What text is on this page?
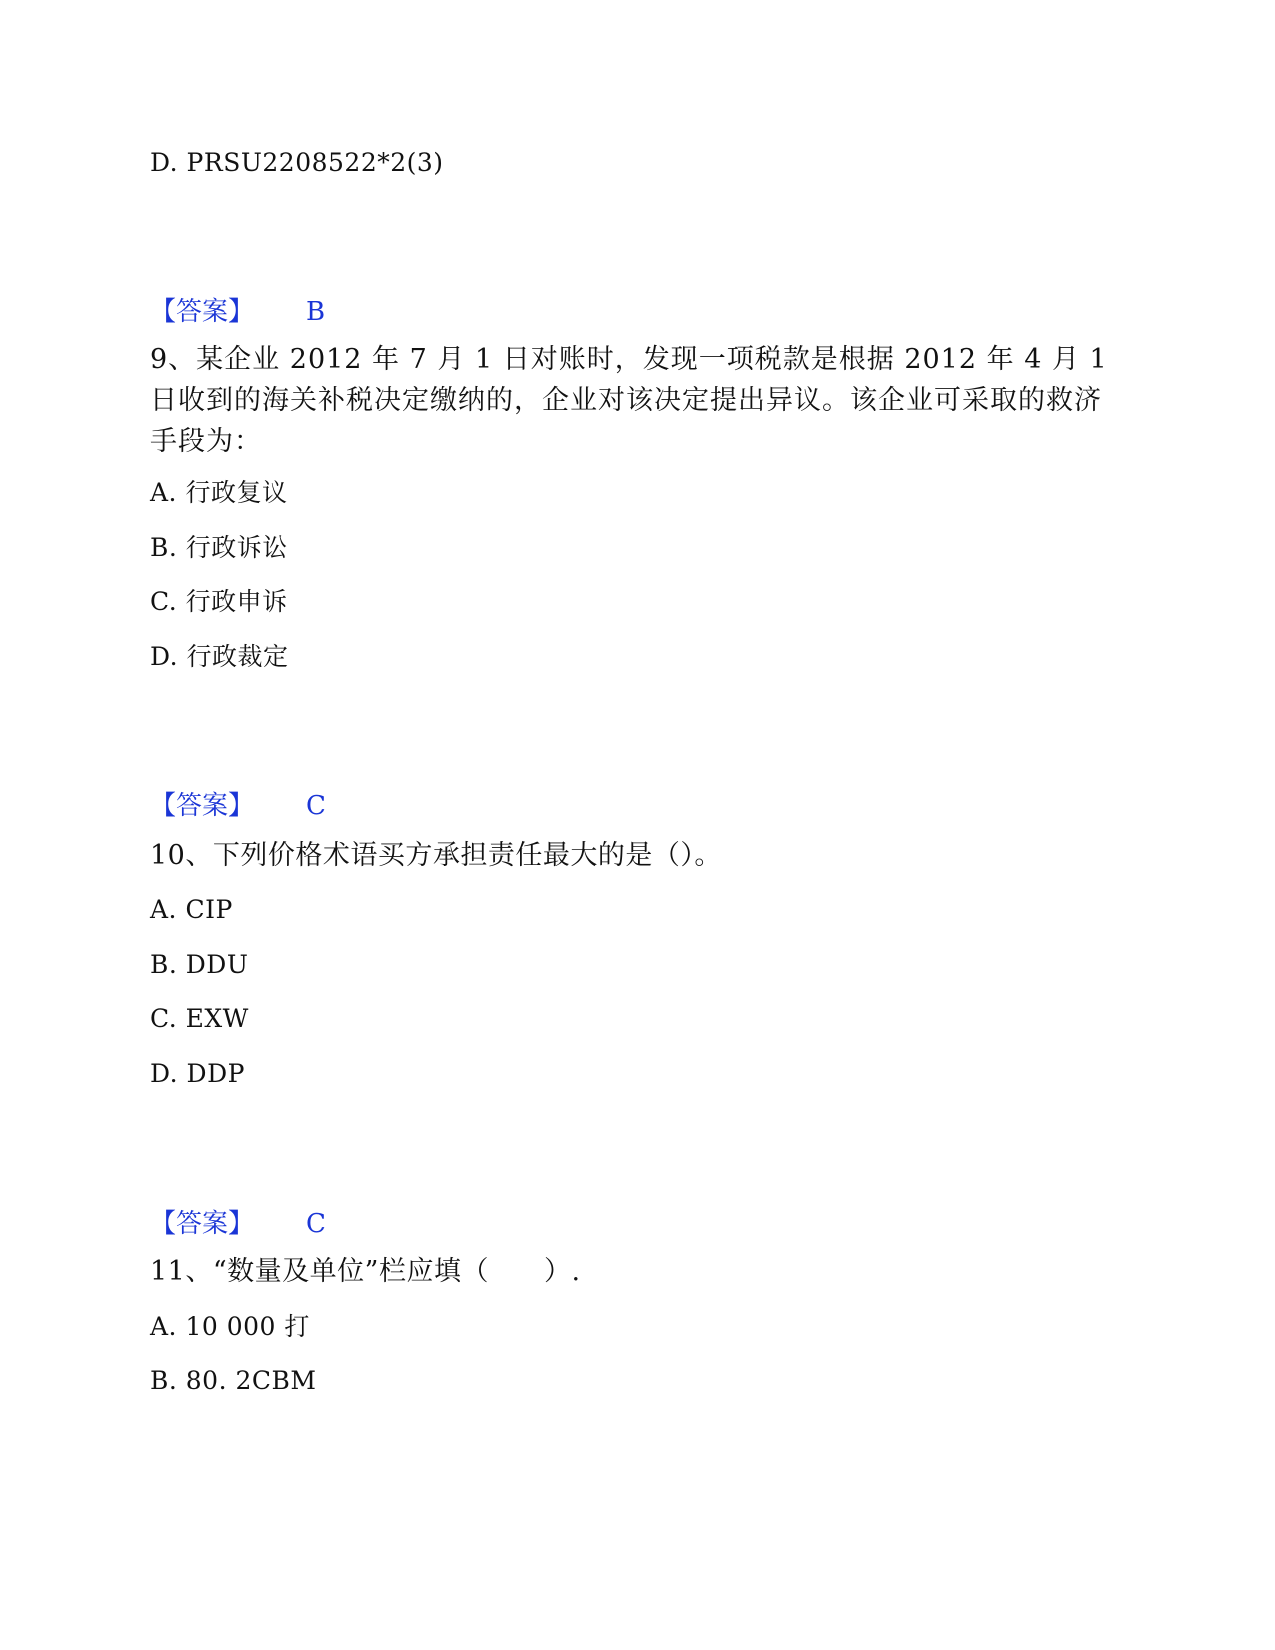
D. PRSU2208522*2(3)
【答案】 B
9、某企业 2012 年 7 月 1 日对账时，发现一项税款是根据 2012 年 4 月 1 日收到的海关补税决定缴纳的，企业对该决定提出异议。该企业可采取的救济手段为：
A. 行政复议
B. 行政诉讼
C. 行政申诉
D. 行政裁定
【答案】 C
10、下列价格术语买方承担责任最大的是（）。
A. CIP
B. DDU
C. EXW
D. DDP
【答案】 C
11、“数量及单位”栏应填（　　）.
A. 10 000 打
B. 80. 2CBM
